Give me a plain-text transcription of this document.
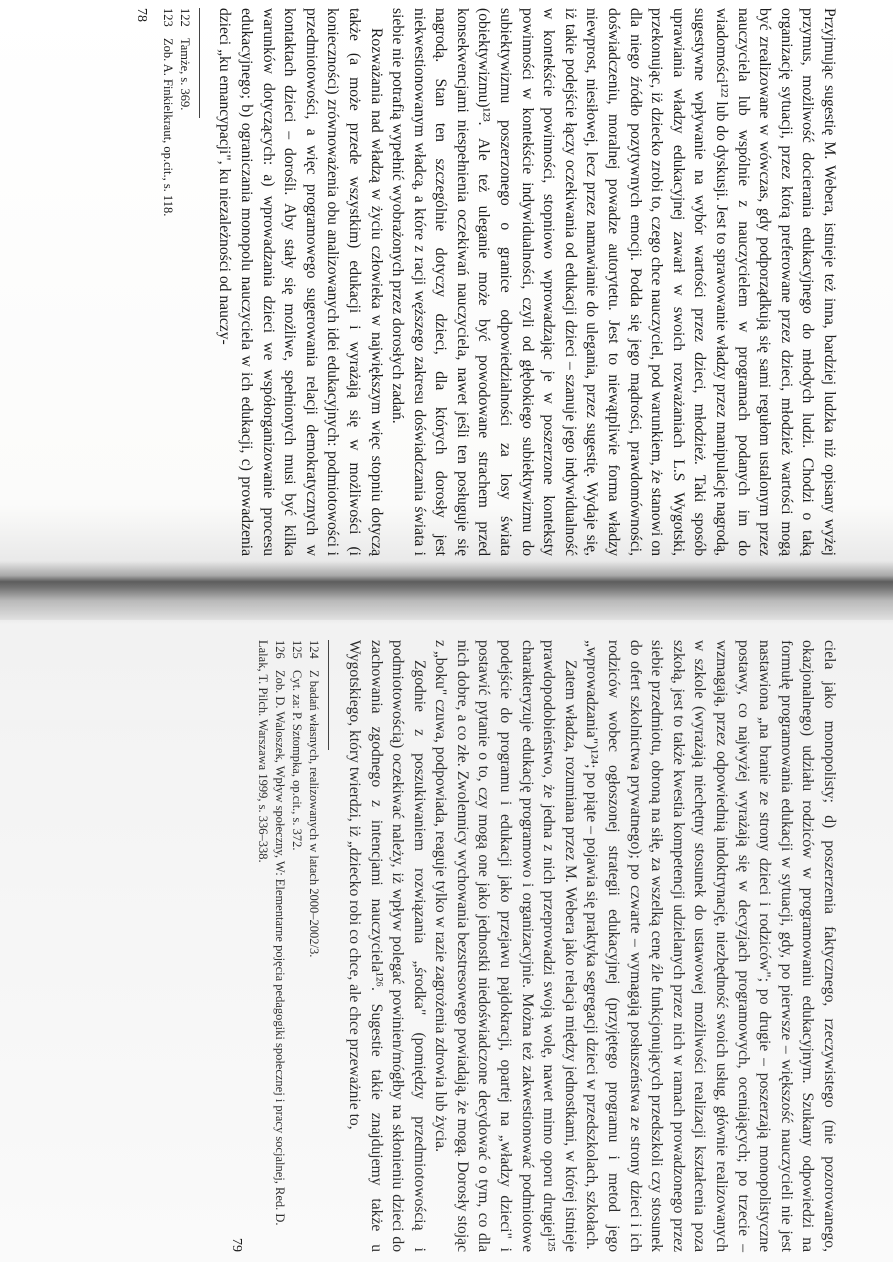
Przyjmując sugestię M. Webera, istnieje też inna, bardziej ludzka niż opisany wyżej przymus, możliwość docierania edukacyjnego do młodych ludzi. Chodzi o taką organizację sytuacji, przez którą preferowane przez dzieci, młodzież wartości mogą być zrealizowane w wówczas, gdy podporządkują się sami regułom ustalonym przez nauczyciela lub wspólnie z nauczycielem w programach podanych im do wiadomości¹²² lub do dyskusji. Jest to sprawowanie władzy przez manipulację nagrodą, sugestywne wpływanie na wybór wartości przez dzieci, młodzież. Taki sposób uprawiania władzy edukacyjnej zawarł w swoich rozważaniach L.S Wygotski, przekonując, iż dziecko zrobi to, czego chce nauczyciel, pod warunkiem, że stanowi on dla niego źródło pozytywnych emocji. Podda się jego mądrości, prawdomówności, doświadczeniu, moralnej powadze autorytetu. Jest to niewątpliwie forma władzy niewprost, niesiłowej, lecz przez namawianie do ulegania, przez sugestię. Wydaje się, iż takie podejście łączy oczekiwania od edukacji dzieci – szanuje jego indywidualność w kontekście powinności, stopniowo wprowadzając je w poszerzone konteksty powinności w kontekście indywidualności, czyli od głębokiego subiektywizmu do subiektywizmu poszerzonego o granice odpowiedzialności za losy świata (obiektywizmu)¹²³. Ale też uleganie może być powodowane strachem przed konsekwencjami niespełnienia oczekiwań nauczyciela, nawet jeśli ten posługuje się nagrodą. Stan ten szczególnie dotyczy dzieci, dla których dorosły jest niekwestionowanym władcą, a które z racji węższego zakresu doświadczania świata i siebie nie potrafią wypełnić wyobrażonych przez dorosłych zadań.

Rozważania nad władzą w życiu człowieka w największym więc stopniu dotyczą także (a może przede wszystkim) edukacji i wyrażają się w możliwości (i konieczności) zrównoważenia obu analizowanych idei edukacyjnych: podmiotowości i przedmiotowości, a więc programowego sugerowania relacji demokratycznych w kontaktach dzieci – dorośli. Aby stały się możliwe, spełnionych musi być kilka warunków dotyczących: a) wprowadzania dzieci we współorganizowanie procesu edukacyjnego; b) ograniczania monopolu nauczyciela w ich edukacji, c) prowadzenia dzieci „ku emancypacji", ku niezależności od nauczy-

122Tamże, s. 369.

123Zob. A. Finkielkraut, op.cit., s. 118.

78

ciela jako monopolisty; d) poszerzenia faktycznego, rzeczywistego (nie pozorowanego, okazjonalnego) udziału rodziców w programowaniu edukacyjnym. Szukany odpowiedzi na formułę programowania edukacji w sytuacji, gdy, po pierwsze – większość nauczycieli nie jest nastawiona „na branie ze strony dzieci i rodziców"; po drugie – poszerzają monopolistyczne postawy, co najwyżej wyrażają się w decyzjach programowych, oceniających; po trzecie – wzmagają, przez odpowiednią indoktrynację, niezbędność swoich usług, głównie realizowanych w szkole (wyrażają niechętny stosunek do ustawowej możliwości realizacji kształcenia poza szkołą, jest to także kwestia kompetencji udzielanych przez nich w ramach prowadzonego przez siebie przedmiotu, obroną na siłę, za wszelką cenę źle funkcjonujących przedszkoli czy stosunek do ofert szkolnictwa prywatnego); po czwarte – wymagają posłuszeństwa ze strony dzieci i ich rodziców wobec ogłoszonej strategii edukacyjnej (przyjętego programu i metod jego „wprowadzania")¹²⁴; po piąte – pojawia się praktyka segregacji dzieci w przedszkolach, szkołach.

Zatem władza, rozumiana przez M. Webera jako relacja między jednostkami, w której istnieje prawdopodobieństwo, że jedna z nich przeprowadzi swoją wolę, nawet mimo oporu drugiej¹²⁵ charakteryzuje edukację programowo i organizacyjnie. Można też zakwestionować podmiotowe podejście do programu i edukacji jako przejawu pajdokracji, opartej na „władzy dzieci" i postawić pytanie o to, czy mogą one jako jednostki niedoświadczone decydować o tym, co dla nich dobre, a co złe. Zwolennicy wychowania bezstresowego powiadają, że mogą. Dorosły stojąc z „boku" czuwa, podpowiada, reaguje tylko w razie zagrożenia zdrowia lub życia.

Zgodnie z poszukiwaniem rozwiązania „środka" (pomiędzy przedmiotowością i podmiotowością) oczekiwać należy, iż wpływ polegać powinien/mógłby na skłonieniu dzieci do zachowania zgodnego z intencjami nauczyciela¹²⁶. Sugestie takie znajdujemy także u Wygotskiego, który twierdzi, iż „dziecko robi co chce, ale chce przeważnie to,

124Z badań własnych, realizowanych w latach 2000–2002/3.

125Cyt. za: P. Sztompka, op.cit., s. 372.

126Zob. D. Waloszek, Wpływ społeczny, W: Elementarne pojęcia pedagogiki społecznej i pracy socjalnej, Red. D. Lalak, T. Pilch. Warszawa 1999, s. 336–338.

79
